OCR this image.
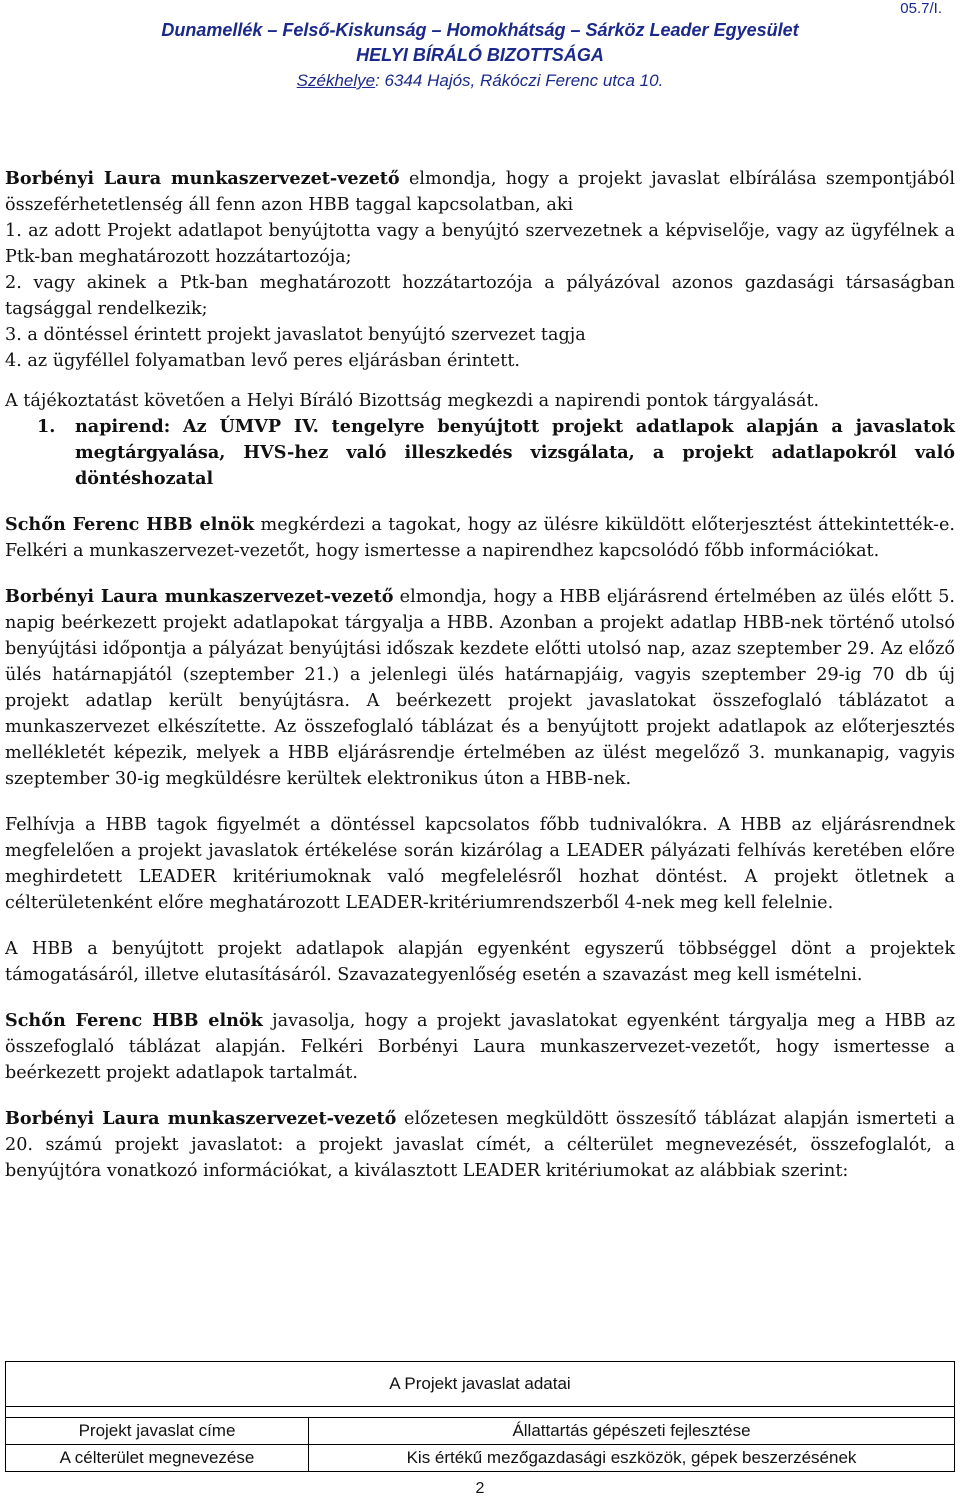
05.7/I.
Dunamellék – Felső-Kiskunság – Homokhátság – Sárköz Leader Egyesület
HELYI BÍRÁLÓ BIZOTTSÁGA
Székhelye: 6344 Hajós, Rákóczi Ferenc utca 10.

Borbényi Laura munkaszervezet-vezető elmondja, hogy a projekt javaslat elbírálása szempontjából összeférhetetlenség áll fenn azon HBB taggal kapcsolatban, aki

1. az adott Projekt adatlapot benyújtotta vagy a benyújtó szervezetnek a képviselője, vagy az ügyfélnek a Ptk-ban meghatározott hozzátartozója;

2. vagy akinek a Ptk-ban meghatározott hozzátartozója a pályázóval azonos gazdasági társaságban tagsággal rendelkezik;

3. a döntéssel érintett projekt javaslatot benyújtó szervezet tagja

4. az ügyféllel folyamatban levő peres eljárásban érintett.

A tájékoztatást követően a Helyi Bíráló Bizottság megkezdi a napirendi pontok tárgyalását.

1. napirend: Az ÚMVP IV. tengelyre benyújtott projekt adatlapok alapján a javaslatok megtárgyalása, HVS-hez való illeszkedés vizsgálata, a projekt adatlapokról való döntéshozatal

Schőn Ferenc HBB elnök megkérdezi a tagokat, hogy az ülésre kiküldött előterjesztést áttekintették-e. Felkéri a munkaszervezet-vezetőt, hogy ismertesse a napirendhez kapcsolódó főbb információkat.

Borbényi Laura munkaszervezet-vezető elmondja, hogy a HBB eljárásrend értelmében az ülés előtt 5. napig beérkezett projekt adatlapokat tárgyalja a HBB. Azonban a projekt adatlap HBB-nek történő utolsó benyújtási időpontja a pályázat benyújtási időszak kezdete előtti utolsó nap, azaz szeptember 29. Az előző ülés határnapjától (szeptember 21.) a jelenlegi ülés határnapjáig, vagyis szeptember 29-ig 70 db új projekt adatlap került benyújtásra. A beérkezett projekt javaslatokat összefoglaló táblázatot a munkaszervezet elkészítette. Az összefoglaló táblázat és a benyújtott projekt adatlapok az előterjesztés mellékletét képezik, melyek a HBB eljárásrendje értelmében az ülést megelőző 3. munkanapig, vagyis szeptember 30-ig megküldésre kerültek elektronikus úton a HBB-nek.

Felhívja a HBB tagok figyelmét a döntéssel kapcsolatos főbb tudnivalókra. A HBB az eljárásrendnek megfelelően a projekt javaslatok értékelése során kizárólag a LEADER pályázati felhívás keretében előre meghirdetett LEADER kritériumoknak való megfelelésről hozhat döntést. A projekt ötletnek a célterületenként előre meghatározott LEADER-kritériumrendszerből 4-nek meg kell felelnie.

A HBB a benyújtott projekt adatlapok alapján egyenként egyszerű többséggel dönt a projektek támogatásáról, illetve elutasításáról. Szavazategyenlőség esetén a szavazást meg kell ismételni.

Schőn Ferenc HBB elnök javasolja, hogy a projekt javaslatokat egyenként tárgyalja meg a HBB az összefoglaló táblázat alapján. Felkéri Borbényi Laura munkaszervezet-vezetőt, hogy ismertesse a beérkezett projekt adatlapok tartalmát.

Borbényi Laura munkaszervezet-vezető előzetesen megküldött összesítő táblázat alapján ismerteti a 20. számú projekt javaslatot: a projekt javaslat címét, a célterület megnevezését, összefoglalót, a benyújtóra vonatkozó információkat, a kiválasztott LEADER kritériumokat az alábbiak szerint:

A Projekt javaslat adatai	

Projekt javaslat címe	Állattartás gépészeti fejlesztése
A célterület megnevezése	Kis értékű mezőgazdasági eszközök, gépek beszerzésének
2
